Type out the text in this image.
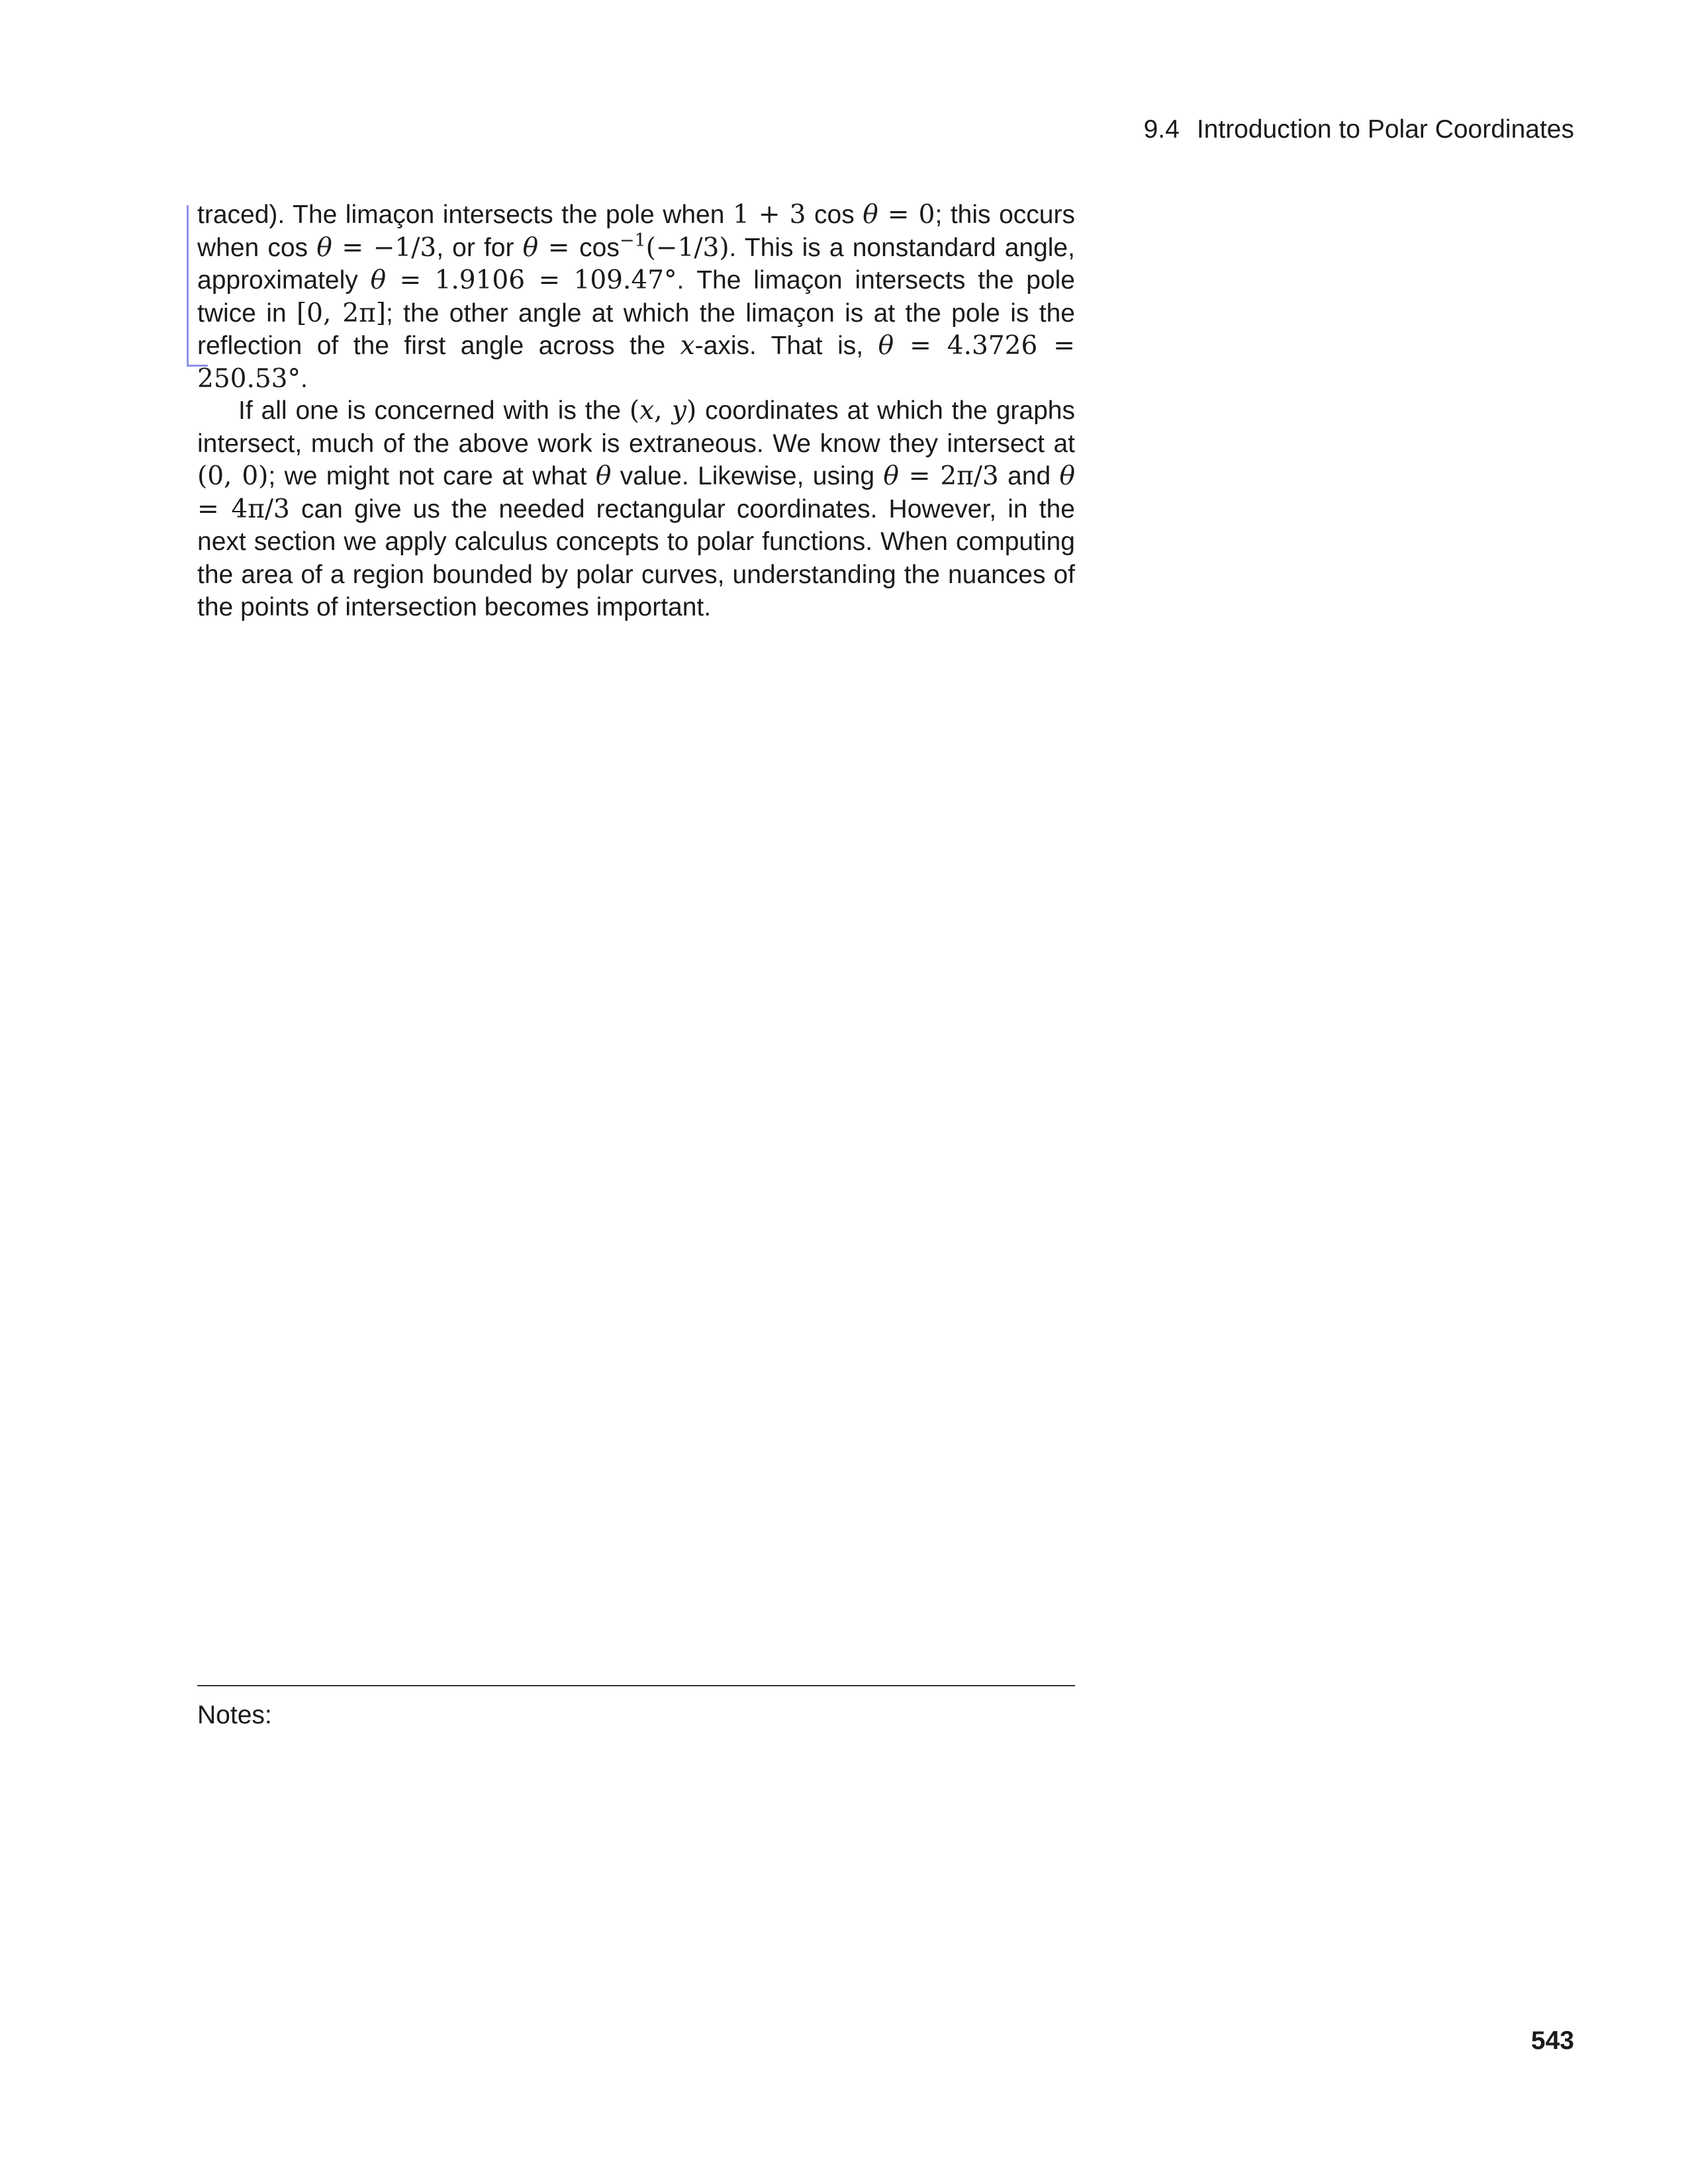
9.4 Introduction to Polar Coordinates

traced). The limaçon intersects the pole when 1 + 3 cos θ = 0; this occurs when cos θ = −1/3, or for $\theta = \cos^{-1}(-1/3)$. This is a nonstandard angle, approximately θ = 1.9106 = 109.47°. The limaçon intersects the pole twice in [0, 2π]; the other angle at which the limaçon is at the pole is the reflection of the first angle across the x-axis. That is, θ = 4.3726 = 250.53°.

If all one is concerned with is the (x, y) coordinates at which the graphs intersect, much of the above work is extraneous. We know they intersect at (0, 0); we might not care at what θ value. Likewise, using θ = 2π/3 and θ = 4π/3 can give us the needed rectangular coordinates. However, in the next section we apply calculus concepts to polar functions. When computing the area of a region bounded by polar curves, understanding the nuances of the points of intersection becomes important.

Notes:
543
